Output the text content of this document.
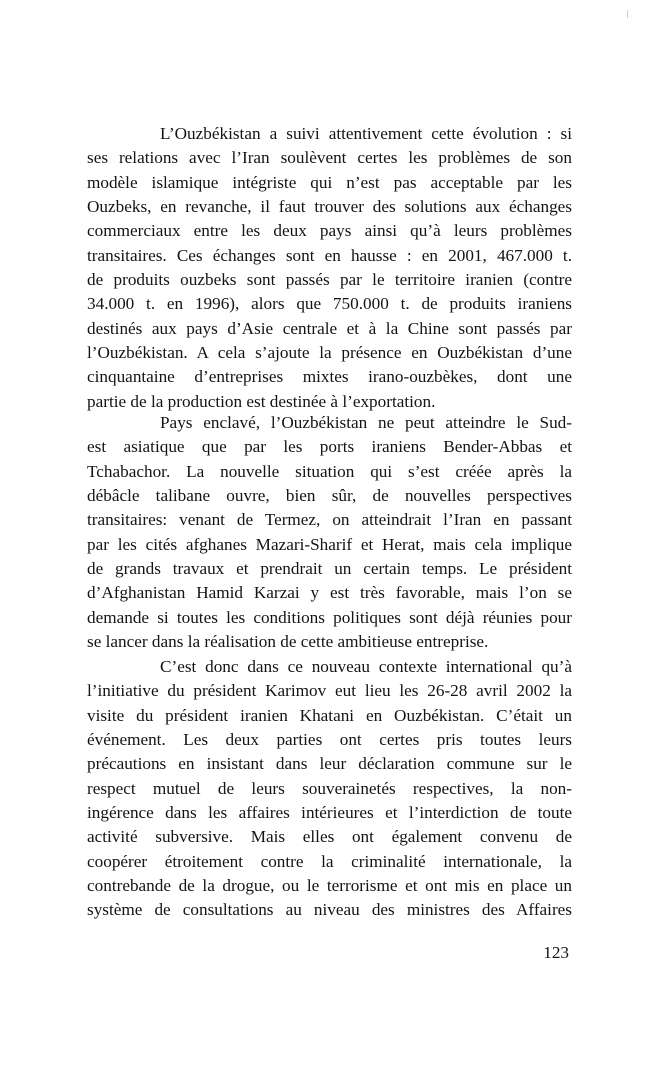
L’Ouzbékistan a suivi attentivement cette évolution : si
ses relations avec l’Iran soulèvent certes les problèmes de son
modèle islamique intégriste qui n’est pas acceptable par les
Ouzbeks, en revanche, il faut trouver des solutions aux échanges
commerciaux entre les deux pays ainsi qu’à leurs problèmes
transitaires. Ces échanges sont en hausse : en 2001, 467.000 t.
de produits ouzbeks sont passés par le territoire iranien (contre
34.000 t. en 1996), alors que 750.000 t. de produits iraniens
destinés aux pays d’Asie centrale et à la Chine sont passés par
l’Ouzbékistan. A cela s’ajoute la présence en Ouzbékistan d’une
cinquantaine d’entreprises mixtes irano-ouzbèkes, dont une
partie de la production est destinée à l’exportation.
Pays enclavé, l’Ouzbékistan ne peut atteindre le Sud-
est asiatique que par les ports iraniens Bender-Abbas et
Tchabachor. La nouvelle situation qui s’est créée après la
débâcle talibane ouvre, bien sûr, de nouvelles perspectives
transitaires: venant de Termez, on atteindrait l’Iran en passant
par les cités afghanes Mazari-Sharif et Herat, mais cela implique
de grands travaux et prendrait un certain temps. Le président
d’Afghanistan Hamid Karzai y est très favorable, mais l’on se
demande si toutes les conditions politiques sont déjà réunies pour
se lancer dans la réalisation de cette ambitieuse entreprise.
C’est donc dans ce nouveau contexte international qu’à
l’initiative du président Karimov eut lieu les 26-28 avril 2002 la
visite du président iranien Khatani en Ouzbékistan. C’était un
événement. Les deux parties ont certes pris toutes leurs
précautions en insistant dans leur déclaration commune sur le
respect mutuel de leurs souverainetés respectives, la non-
ingérence dans les affaires intérieures et l’interdiction de toute
activité subversive. Mais elles ont également convenu de
coopérer étroitement contre la criminalité internationale, la
contrebande de la drogue, ou le terrorisme et ont mis en place un
système de consultations au niveau des ministres des Affaires
123
